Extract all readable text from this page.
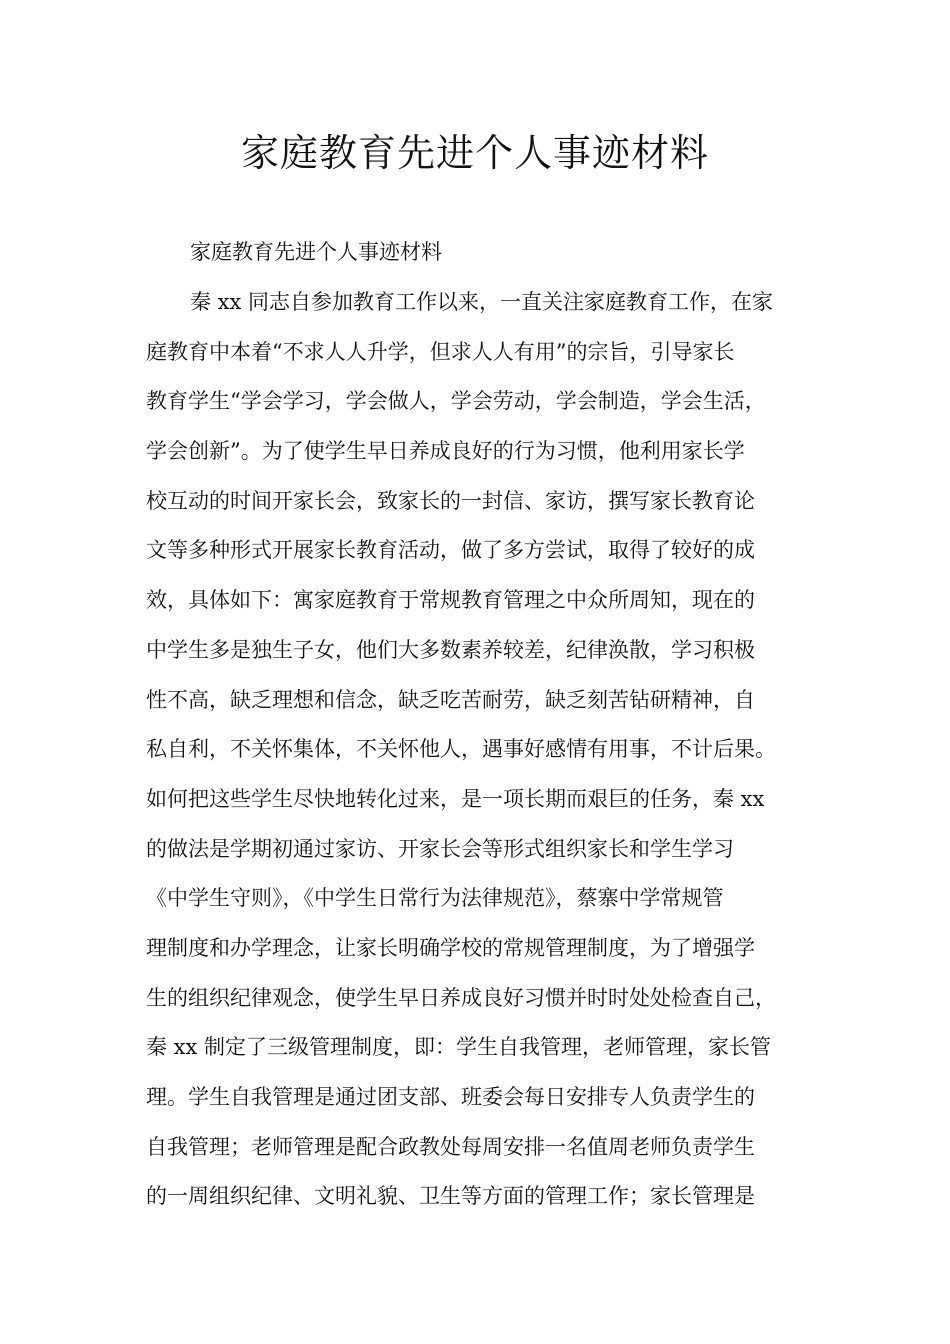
家庭教育先进个人事迹材料
家庭教育先进个人事迹材料
秦 xx 同志自参加教育工作以来，一直关注家庭教育工作，在家
庭教育中本着“不求人人升学，但求人人有用”的宗旨，引导家长
教育学生“学会学习，学会做人，学会劳动，学会制造，学会生活，
学会创新”。为了使学生早日养成良好的行为习惯，他利用家长学
校互动的时间开家长会，致家长的一封信、家访，撰写家长教育论
文等多种形式开展家长教育活动，做了多方尝试，取得了较好的成
效，具体如下：寓家庭教育于常规教育管理之中众所周知，现在的
中学生多是独生子女，他们大多数素养较差，纪律涣散，学习积极
性不高，缺乏理想和信念，缺乏吃苦耐劳，缺乏刻苦钻研精神，自
私自利，不关怀集体，不关怀他人，遇事好感情有用事，不计后果。
如何把这些学生尽快地转化过来，是一项长期而艰巨的任务，秦 xx
的做法是学期初通过家访、开家长会等形式组织家长和学生学习
《中学生守则》，《中学生日常行为法律规范》，蔡寨中学常规管
理制度和办学理念，让家长明确学校的常规管理制度，为了增强学
生的组织纪律观念，使学生早日养成良好习惯并时时处处检查自己，
秦 xx 制定了三级管理制度，即：学生自我管理，老师管理，家长管
理。学生自我管理是通过团支部、班委会每日安排专人负责学生的
自我管理；老师管理是配合政教处每周安排一名值周老师负责学生
的一周组织纪律、文明礼貌、卫生等方面的管理工作；家长管理是
